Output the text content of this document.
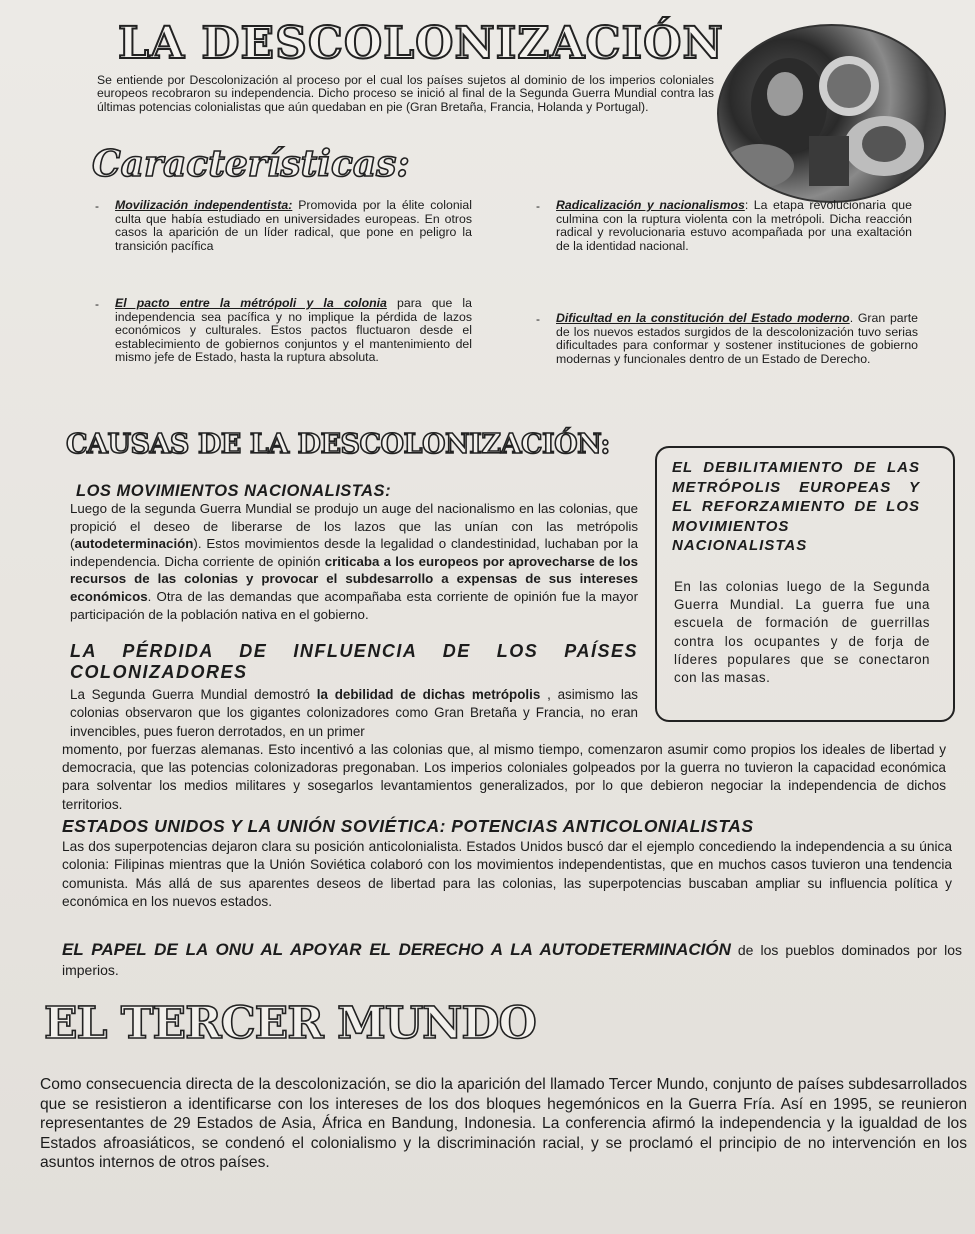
LA DESCOLONIZACIÓN

Se entiende por Descolonización al proceso por el cual los países sujetos al dominio de los imperios coloniales europeos recobraron su independencia. Dicho proceso se inició al final de la Segunda Guerra Mundial contra las últimas potencias colonialistas que aún quedaban en pie (Gran Bretaña, Francia, Holanda y Portugal).

Características:

Movilización independentista: Promovida por la élite colonial culta que había estudiado en universidades europeas. En otros casos la aparición de un líder radical, que pone en peligro la transición pacífica

-

El pacto entre la métrópoli y la colonia para que la independencia sea pacífica y no implique la pérdida de lazos económicos y culturales. Estos pactos fluctuaron desde el establecimiento de gobiernos conjuntos y el mantenimiento del mismo jefe de Estado, hasta la ruptura absoluta.

-

Radicalización y nacionalismos: La etapa revolucionaria que culmina con la ruptura violenta con la metrópoli. Dicha reacción radical y revolucionaria estuvo acompañada por una exaltación de la identidad nacional.

-

Dificultad en la constitución del Estado moderno. Gran parte de los nuevos estados surgidos de la descolonización tuvo serias dificultades para conformar y sostener instituciones de gobierno modernas y funcionales dentro de un Estado de Derecho.

-
CAUSAS DE LA DESCOLONIZACIÓN:

EL DEBILITAMIENTO DE LAS METRÓPOLIS EUROPEAS Y EL REFORZAMIENTO DE LOS MOVIMIENTOS NACIONALISTAS

En las colonias luego de la Segunda Guerra Mundial. La guerra fue una escuela de formación de guerrillas contra los ocupantes y de forja de líderes populares que se conectaron con las masas.

LOS MOVIMIENTOS NACIONALISTAS:

Luego de la segunda Guerra Mundial se produjo un auge del nacionalismo en las colonias, que propició el deseo de liberarse de los lazos que las unían con las metrópolis (autodeterminación). Estos movimientos desde la legalidad o clandestinidad, luchaban por la independencia. Dicha corriente de opinión criticaba a los europeos por aprovecharse de los recursos de las colonias y provocar el subdesarrollo a expensas de sus intereses económicos. Otra de las demandas que acompañaba esta corriente de opinión fue la mayor participación de la población nativa en el gobierno.

LA PÉRDIDA DE INFLUENCIA DE LOS PAÍSES COLONIZADORES

La Segunda Guerra Mundial demostró la debilidad de dichas metrópolis , asimismo las colonias observaron que los gigantes colonizadores como Gran Bretaña y Francia, no eran invencibles, pues fueron derrotados, en un primer

momento, por fuerzas alemanas. Esto incentivó a las colonias que, al mismo tiempo, comenzaron asumir como propios los ideales de libertad y democracia, que las potencias colonizadoras pregonaban. Los imperios coloniales golpeados por la guerra no tuvieron la capacidad económica para solventar los medios militares y sosegarlos levantamientos generalizados, por lo que debieron negociar la independencia de dichos territorios.

ESTADOS UNIDOS Y LA UNIÓN SOVIÉTICA: POTENCIAS ANTICOLONIALISTAS

Las dos superpotencias dejaron clara su posición anticolonialista. Estados Unidos buscó dar el ejemplo concediendo la independencia a su única colonia: Filipinas mientras que la Unión Soviética colaboró con los movimientos independentistas, que en muchos casos tuvieron una tendencia comunista. Más allá de sus aparentes deseos de libertad para las colonias, las superpotencias buscaban ampliar su influencia política y económica en los nuevos estados.

EL PAPEL DE LA ONU AL APOYAR EL DERECHO A LA AUTODETERMINACIÓN de los pueblos dominados por los imperios.

EL TERCER MUNDO

Como consecuencia directa de la descolonización, se dio la aparición del llamado Tercer Mundo, conjunto de países subdesarrollados que se resistieron a identificarse con los intereses de los dos bloques hegemónicos en la Guerra Fría. Así en 1995, se reunieron representantes de 29 Estados de Asia, África en Bandung, Indonesia. La conferencia afirmó la independencia y la igualdad de los Estados afroasiáticos, se condenó el colonialismo y la discriminación racial, y se proclamó el principio de no intervención en los asuntos internos de otros países.
